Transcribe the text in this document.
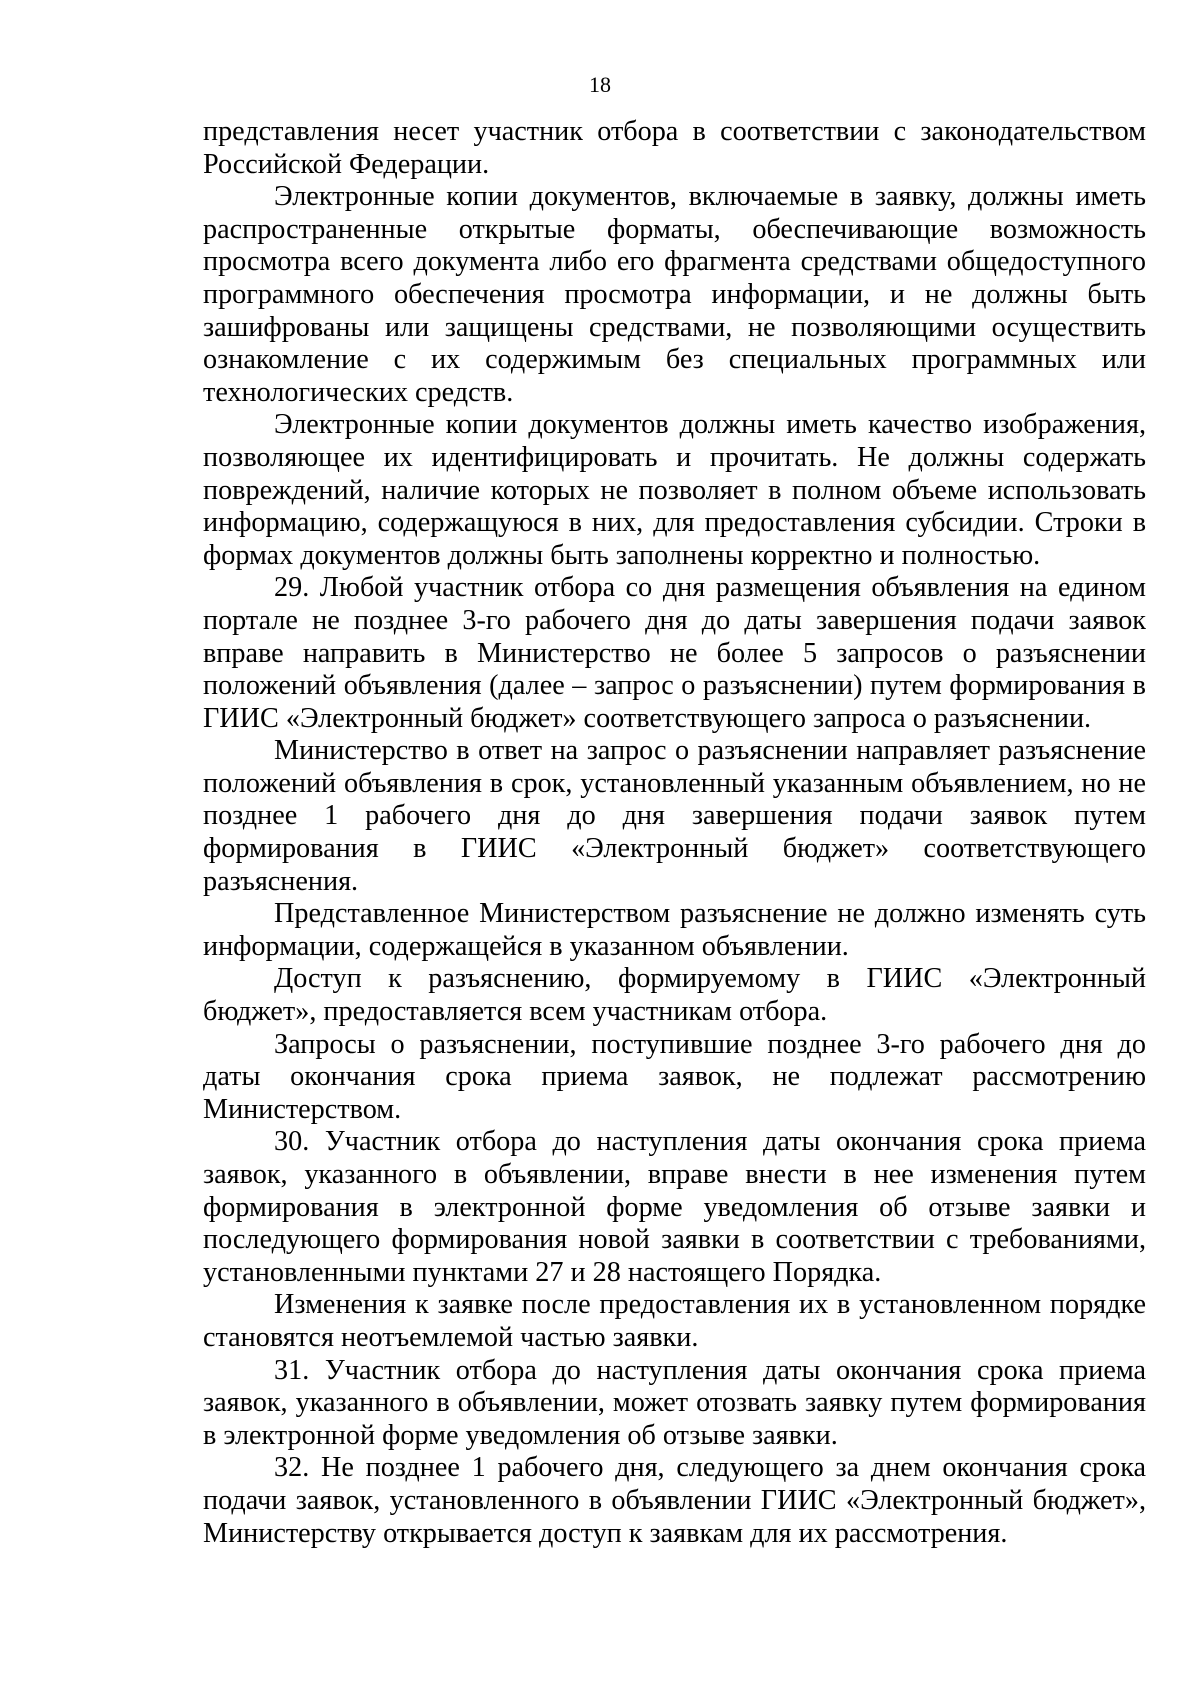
18

представления несет участник отбора в соответствии с законодательством Российской Федерации.

Электронные копии документов, включаемые в заявку, должны иметь распространенные открытые форматы, обеспечивающие возможность просмотра всего документа либо его фрагмента средствами общедоступного программного обеспечения просмотра информации, и не должны быть зашифрованы или защищены средствами, не позволяющими осуществить ознакомление с их содержимым без специальных программных или технологических средств.

Электронные копии документов должны иметь качество изображения, позволяющее их идентифицировать и прочитать. Не должны содержать повреждений, наличие которых не позволяет в полном объеме использовать информацию, содержащуюся в них, для предоставления субсидии. Строки в формах документов должны быть заполнены корректно и полностью.

29. Любой участник отбора со дня размещения объявления на едином портале не позднее 3-го рабочего дня до даты завершения подачи заявок вправе направить в Министерство не более 5 запросов о разъяснении положений объявления (далее – запрос о разъяснении) путем формирования в ГИИС «Электронный бюджет» соответствующего запроса о разъяснении.

Министерство в ответ на запрос о разъяснении направляет разъяснение положений объявления в срок, установленный указанным объявлением, но не позднее 1 рабочего дня до дня завершения подачи заявок путем формирования в ГИИС «Электронный бюджет» соответствующего разъяснения.

Представленное Министерством разъяснение не должно изменять суть информации, содержащейся в указанном объявлении.

Доступ к разъяснению, формируемому в ГИИС «Электронный бюджет», предоставляется всем участникам отбора.

Запросы о разъяснении, поступившие позднее 3-го рабочего дня до даты окончания срока приема заявок, не подлежат рассмотрению Министерством.

30. Участник отбора до наступления даты окончания срока приема заявок, указанного в объявлении, вправе внести в нее изменения путем формирования в электронной форме уведомления об отзыве заявки и последующего формирования новой заявки в соответствии с требованиями, установленными пунктами 27 и 28 настоящего Порядка.

Изменения к заявке после предоставления их в установленном порядке становятся неотъемлемой частью заявки.

31. Участник отбора до наступления даты окончания срока приема заявок, указанного в объявлении, может отозвать заявку путем формирования в электронной форме уведомления об отзыве заявки.

32. Не позднее 1 рабочего дня, следующего за днем окончания срока подачи заявок, установленного в объявлении ГИИС «Электронный бюджет», Министерству открывается доступ к заявкам для их рассмотрения.
